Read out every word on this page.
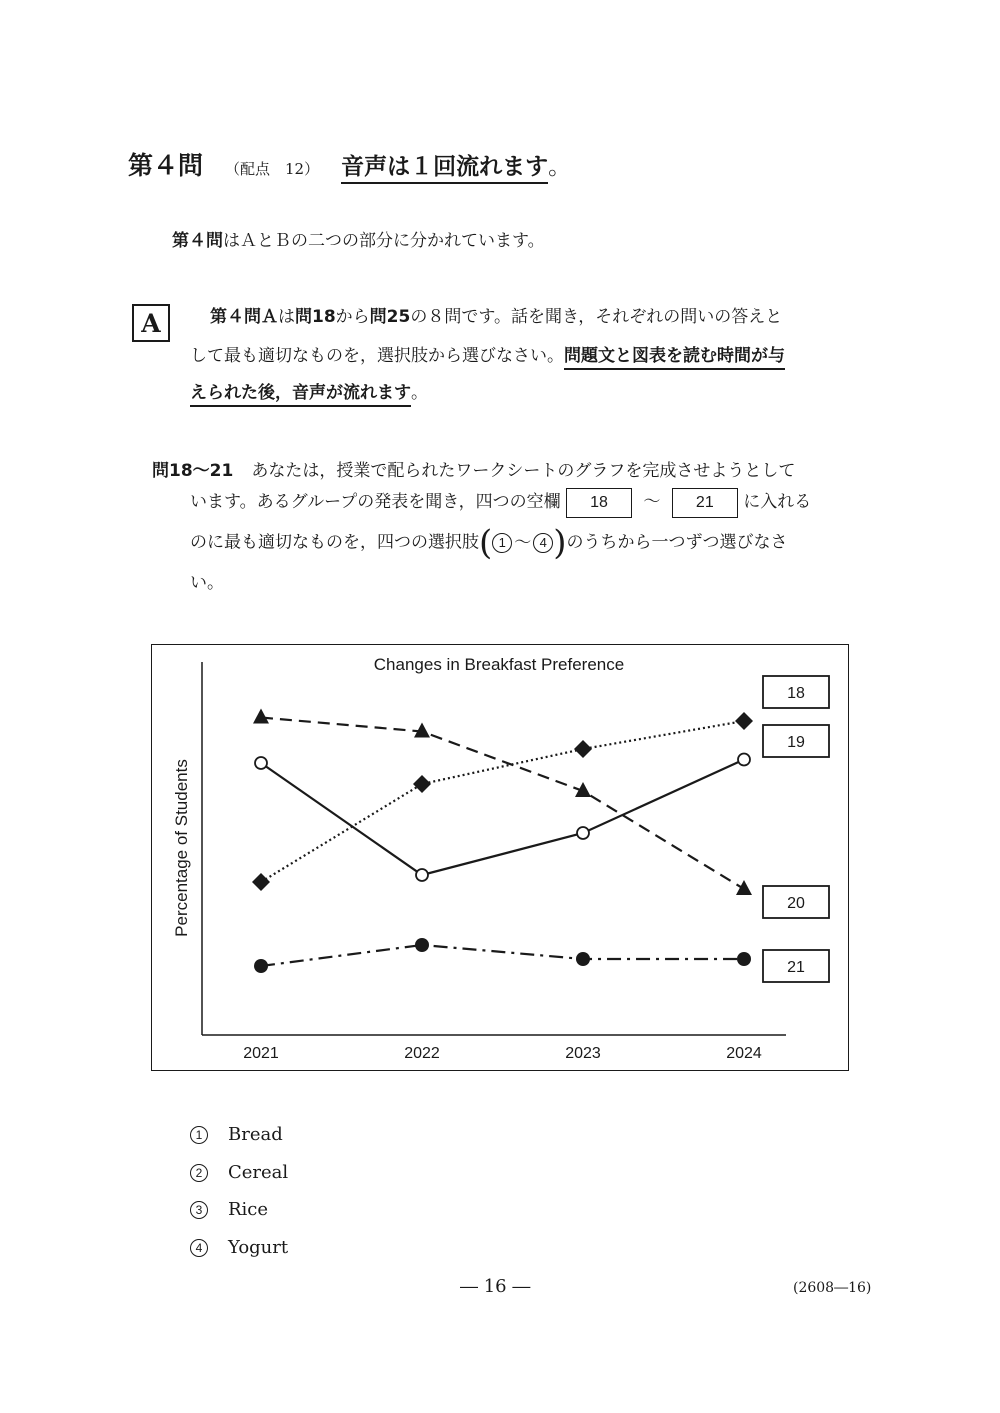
第４問 （配点　12） 音声は１回流れます 。
第４問はＡとＢの二つの部分に分かれています。
A	第４問Ａは問18から問25の８問です。話を聞き，それぞれの問いの答えと
して最も適切なものを，選択肢から選びなさい。問題文と図表を読む時間が与
えられた後，音声が流れます。
問18～21 あなたは，授業で配られたワークシートのグラフを完成させようとして
います。あるグループの発表を聞き，四つの空欄 18 ～ 21 に入れる
のに最も適切なものを，四つの選択肢( 1 ～ 4 )のうちから一つずつ選びなさ
い。
Changes in Breakfast Preference
Percentage of Students
2021	2022	2023	2024
20
18
19
21
1	Bread
2	Cereal
3	Rice
4	Yogurt
― 16 ―	(2608―16)
